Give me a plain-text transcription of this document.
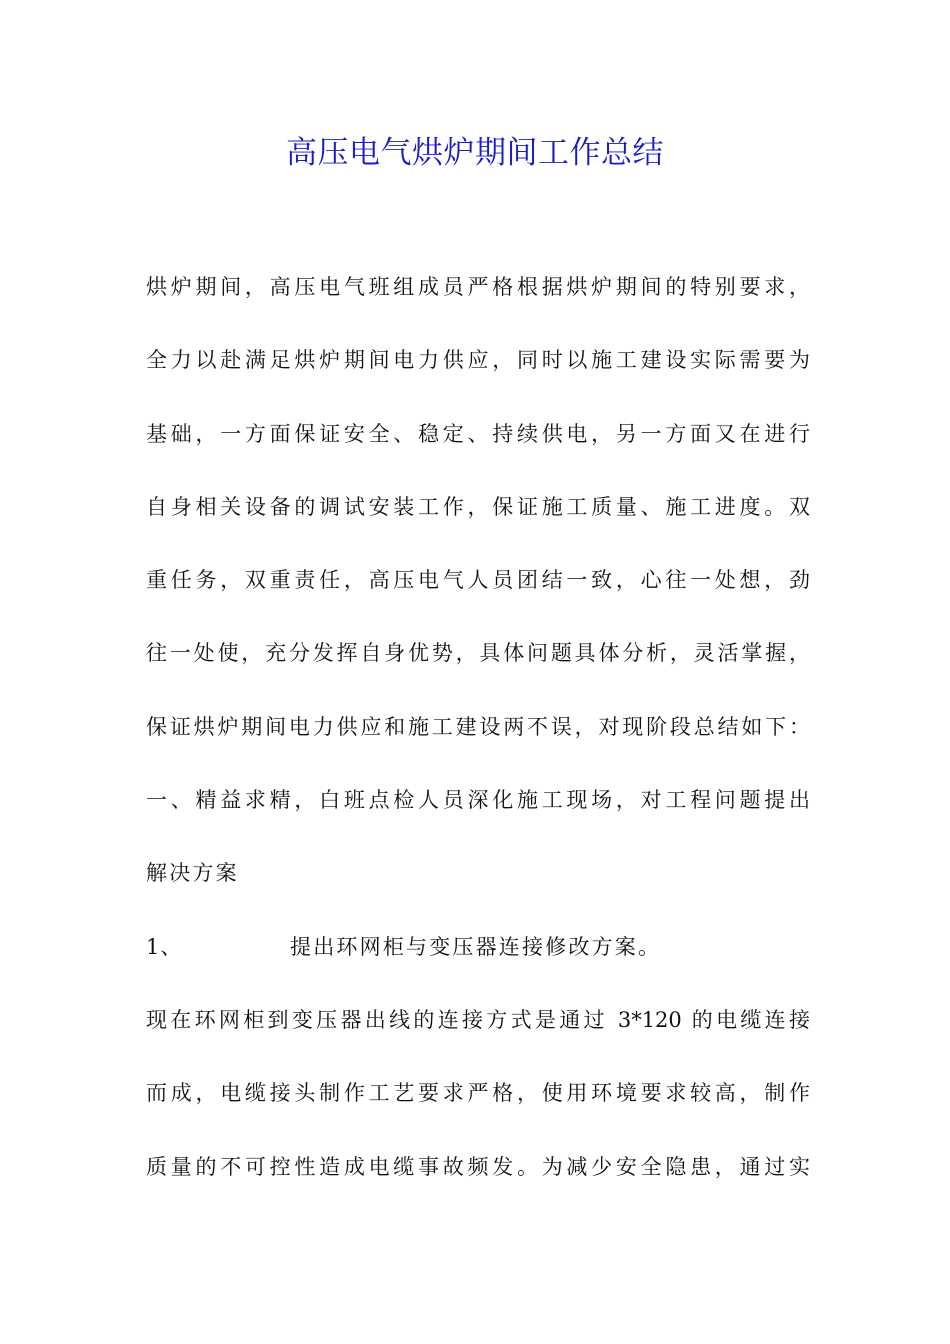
高压电气烘炉期间工作总结

烘炉期间，高压电气班组成员严格根据烘炉期间的特别要求，

全力以赴满足烘炉期间电力供应，同时以施工建设实际需要为

基础，一方面保证安全、稳定、持续供电，另一方面又在进行

自身相关设备的调试安装工作，保证施工质量、施工进度。双

重任务，双重责任，高压电气人员团结一致，心往一处想，劲

往一处使，充分发挥自身优势，具体问题具体分析，灵活掌握，

保证烘炉期间电力供应和施工建设两不误，对现阶段总结如下：

一、精益求精，白班点检人员深化施工现场，对工程问题提出

解决方案

1、	提出环网柜与变压器连接修改方案。

现在环网柜到变压器出线的连接方式是通过 3*120 的电缆连接

而成，电缆接头制作工艺要求严格，使用环境要求较高，制作

质量的不可控性造成电缆事故频发。为减少安全隐患，通过实
